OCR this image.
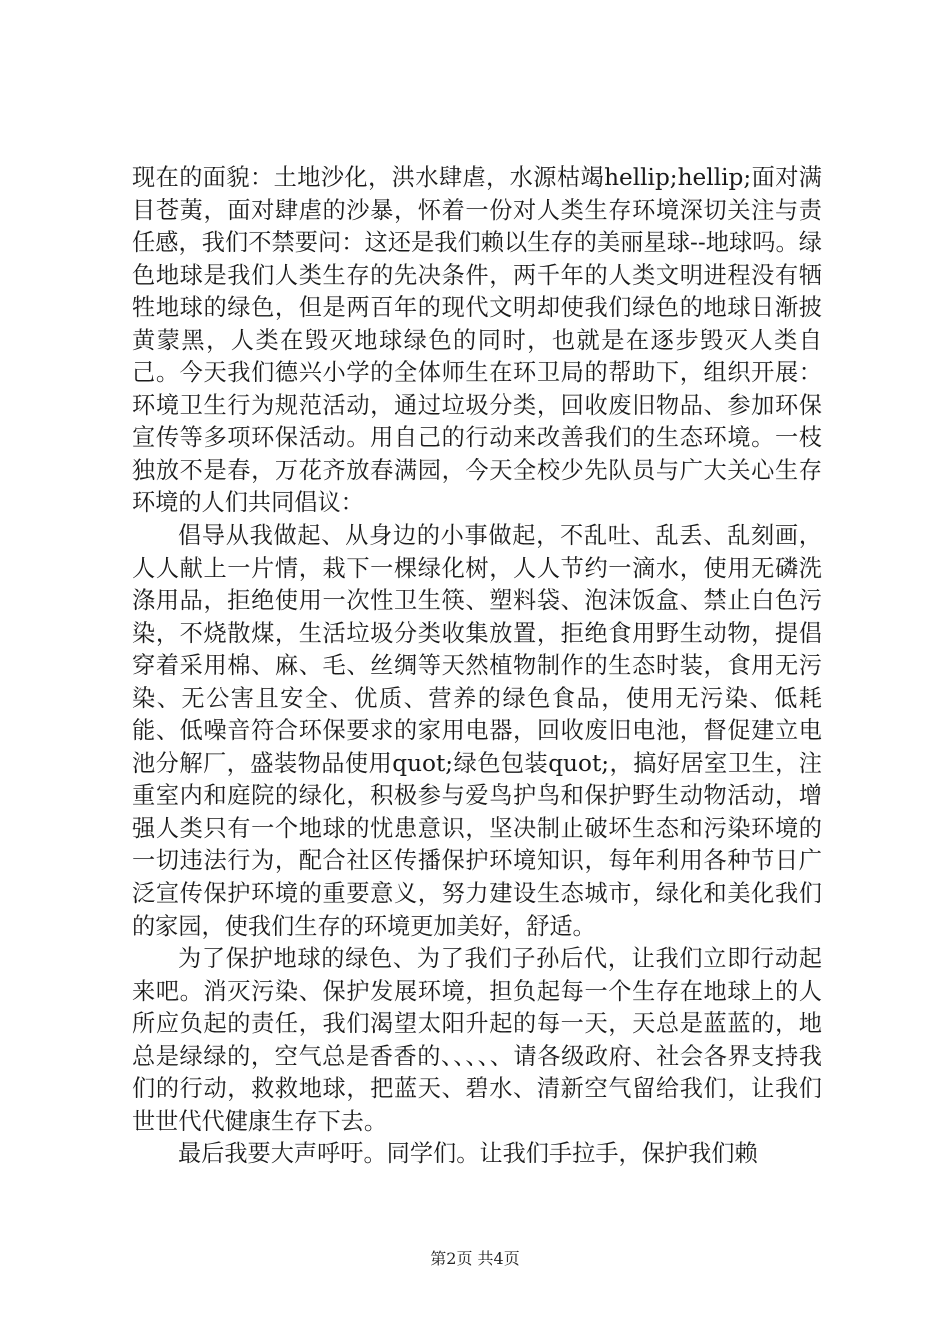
现在的面貌：土地沙化，洪水肆虐，水源枯竭hellip;hellip;面对满目苍荑，面对肆虐的沙暴，怀着一份对人类生存环境深切关注与责任感，我们不禁要问：这还是我们赖以生存的美丽星球--地球吗。绿色地球是我们人类生存的先决条件，两千年的人类文明进程没有牺牲地球的绿色，但是两百年的现代文明却使我们绿色的地球日渐披黄蒙黑，人类在毁灭地球绿色的同时，也就是在逐步毁灭人类自己。今天我们德兴小学的全体师生在环卫局的帮助下，组织开展：环境卫生行为规范活动，通过垃圾分类，回收废旧物品、参加环保宣传等多项环保活动。用自己的行动来改善我们的生态环境。一枝独放不是春，万花齐放春满园，今天全校少先队员与广大关心生存环境的人们共同倡议：

倡导从我做起、从身边的小事做起，不乱吐、乱丢、乱刻画，人人献上一片情，栽下一棵绿化树，人人节约一滴水，使用无磷洗涤用品，拒绝使用一次性卫生筷、塑料袋、泡沫饭盒、禁止白色污染，不烧散煤，生活垃圾分类收集放置，拒绝食用野生动物，提倡穿着采用棉、麻、毛、丝绸等天然植物制作的生态时装，食用无污染、无公害且安全、优质、营养的绿色食品，使用无污染、低耗能、低噪音符合环保要求的家用电器，回收废旧电池，督促建立电池分解厂，盛装物品使用quot;绿色包装quot;，搞好居室卫生，注重室内和庭院的绿化，积极参与爱鸟护鸟和保护野生动物活动，增强人类只有一个地球的忧患意识，坚决制止破坏生态和污染环境的一切违法行为，配合社区传播保护环境知识，每年利用各种节日广泛宣传保护环境的重要意义，努力建设生态城市，绿化和美化我们的家园，使我们生存的环境更加美好，舒适。

为了保护地球的绿色、为了我们子孙后代，让我们立即行动起来吧。消灭污染、保护发展环境，担负起每一个生存在地球上的人所应负起的责任，我们渴望太阳升起的每一天，天总是蓝蓝的，地总是绿绿的，空气总是香香的、、、、、请各级政府、社会各界支持我们的行动，救救地球，把蓝天、碧水、清新空气留给我们，让我们世世代代健康生存下去。

最后我要大声呼吁。同学们。让我们手拉手，保护我们赖

第2页 共4页
